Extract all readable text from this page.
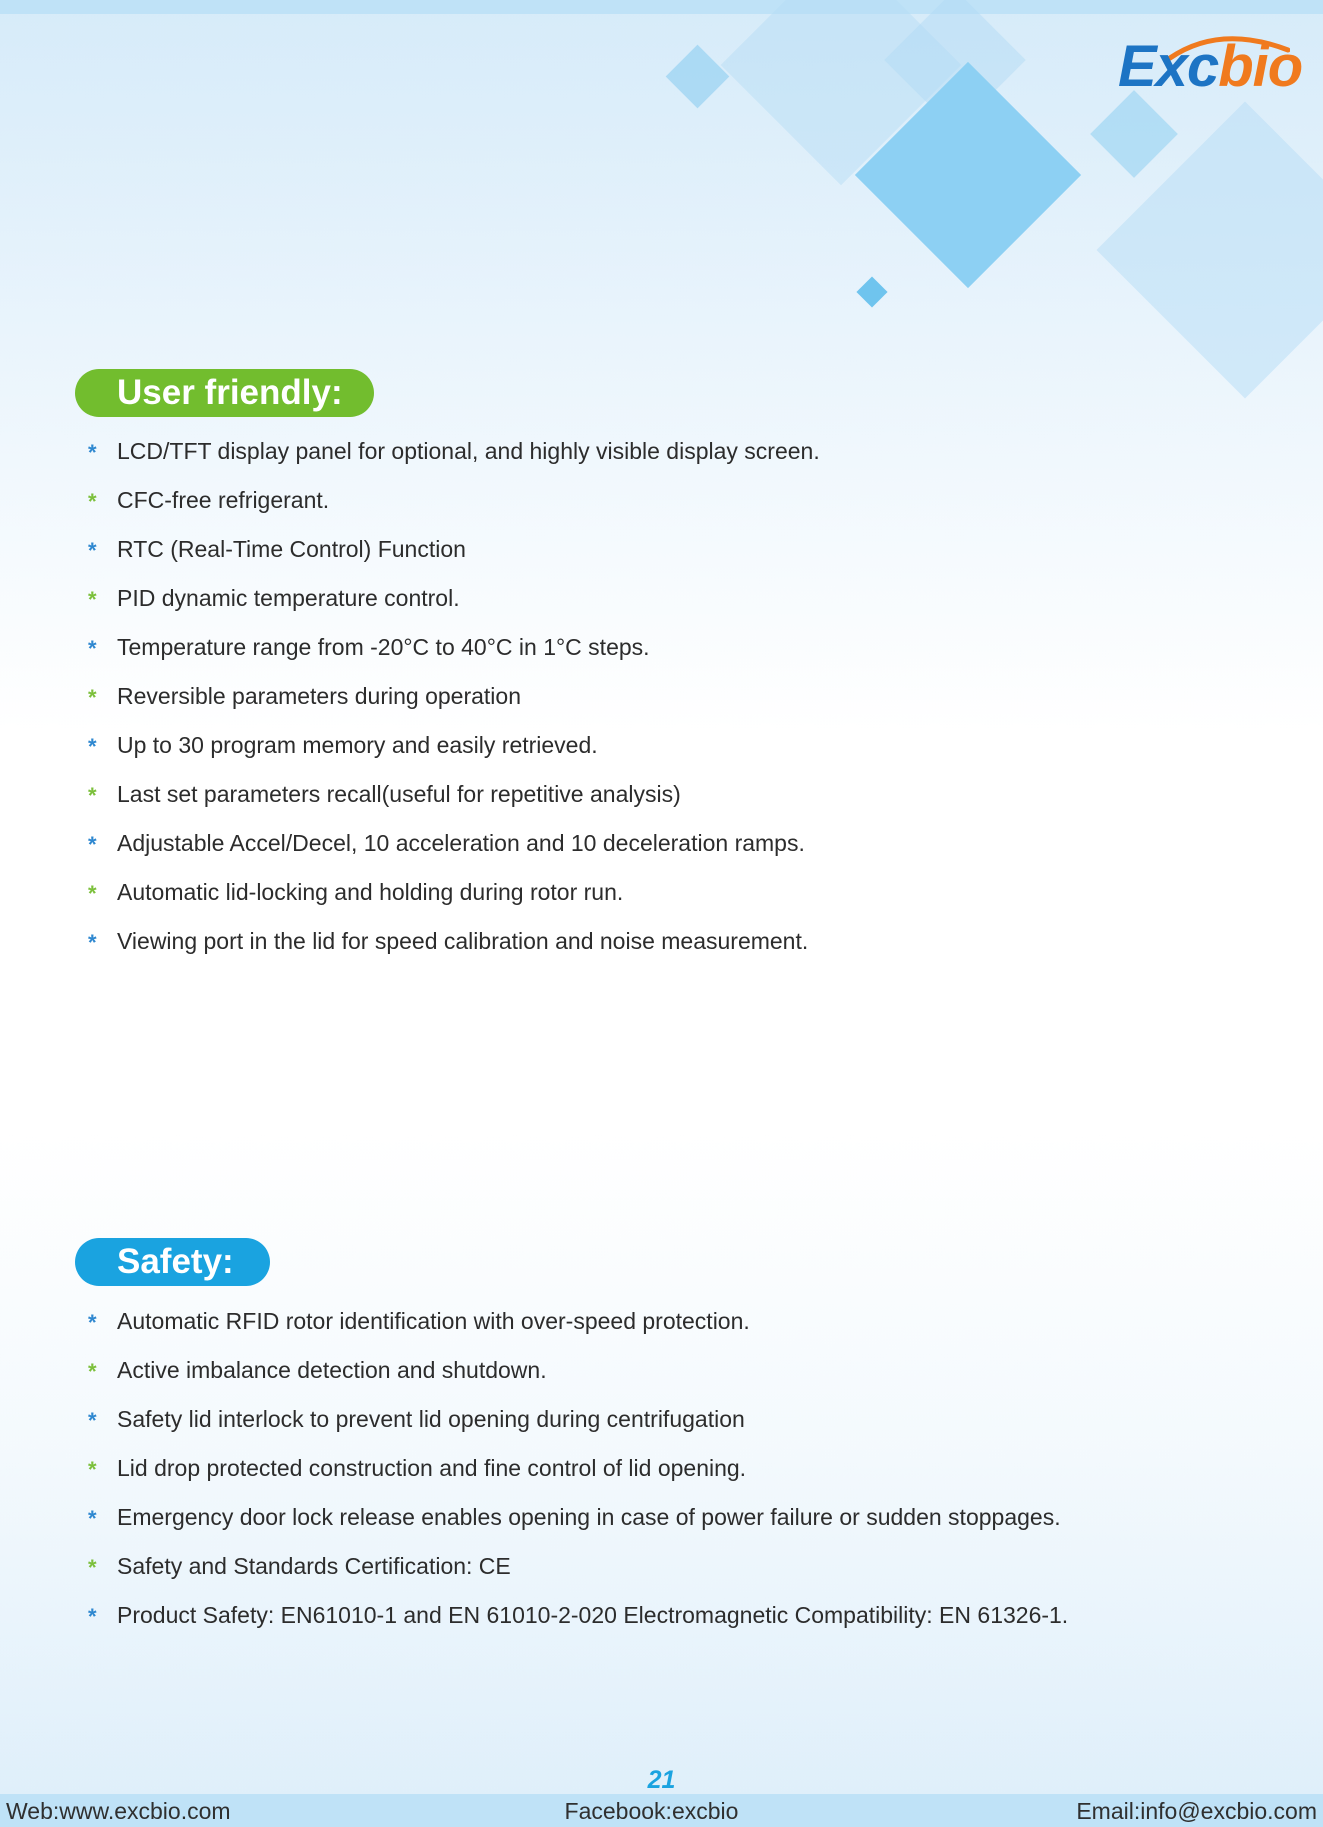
Excbio
User friendly:
* LCD/TFT display panel for optional, and highly visible display screen.
* CFC-free refrigerant.
* RTC (Real-Time Control) Function
* PID dynamic temperature control.
* Temperature range from -20°C to 40°C in 1°C steps.
* Reversible parameters during operation
* Up to 30 program memory and easily retrieved.
* Last set parameters recall(useful for repetitive analysis)
* Adjustable Accel/Decel, 10 acceleration and 10 deceleration ramps.
* Automatic lid-locking and holding during rotor run.
* Viewing port in the lid for speed calibration and noise measurement.
Safety:
* Automatic RFID rotor identification with over-speed protection.
* Active imbalance detection and shutdown.
* Safety lid interlock to prevent lid opening during centrifugation
* Lid drop protected construction and fine control of lid opening.
* Emergency door lock release enables opening in case of power failure or sudden stoppages.
* Safety and Standards Certification: CE
* Product Safety: EN61010-1 and EN 61010-2-020 Electromagnetic Compatibility: EN 61326-1.
21
Web:www.excbio.com	Facebook:excbio	Email:info@excbio.com
